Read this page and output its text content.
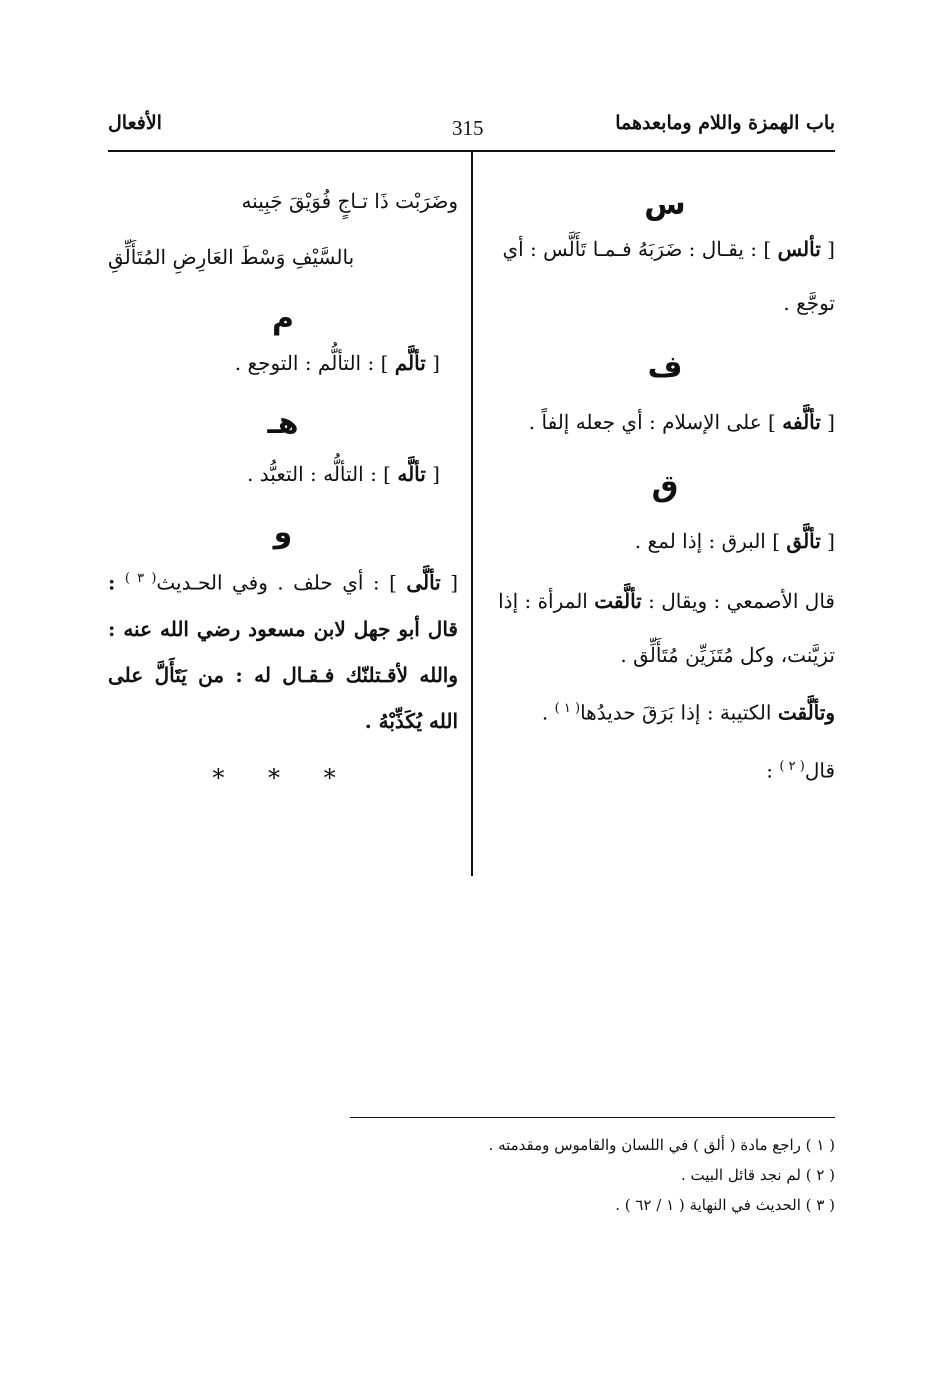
باب الهمزة واللام ومابعدهما
315
الأفعال
س
[ تألس ] : يقـال : ضَرَبَهُ فـمـا تَأَلَّس : أي توجَّع .
ف
[ تألَّفه ] على الإسلام : أي جعله إلفاً .
ق
[ تألَّق ] البرق : إذا لمع .
قال الأصمعي : ويقال : تألَّقت المرأة : إذا تزيَّنت، وكل مُتَزَيِّن مُتَأَلِّق .
وتألَّقت الكتيبة : إذا بَرَقَ حديدُها$^{( ١ )}$ .
قال$^{( ٢ )}$ :
وضَرَبْت ذَا تـاجٍ فُوَيْقَ جَبِينه
بالسَّيْفِ وَسْطَ العَارِضِ المُتَأَلِّقِ
م
[ تألَّم ] : التألُّم : التوجع .
هـ
[ تألَّه ] : التألُّه : التعبُّد .
و
[ تألَّى ] : أي حلف . وفي الحـديث$^{( ٣ )}$ : قال أبو جهل لابن مسعود رضي الله عنه : والله لأقـتلنّك فـقـال له : من يَتَأَلَّ على الله يُكَذِّبْهُ .
* * *
( ١ ) راجع مادة ( ألق ) في اللسان والقاموس ومقدمته .
( ٢ ) لم نجد قائل البيت .
( ٣ ) الحديث في النهاية ( ١ / ٦٢ ) .
